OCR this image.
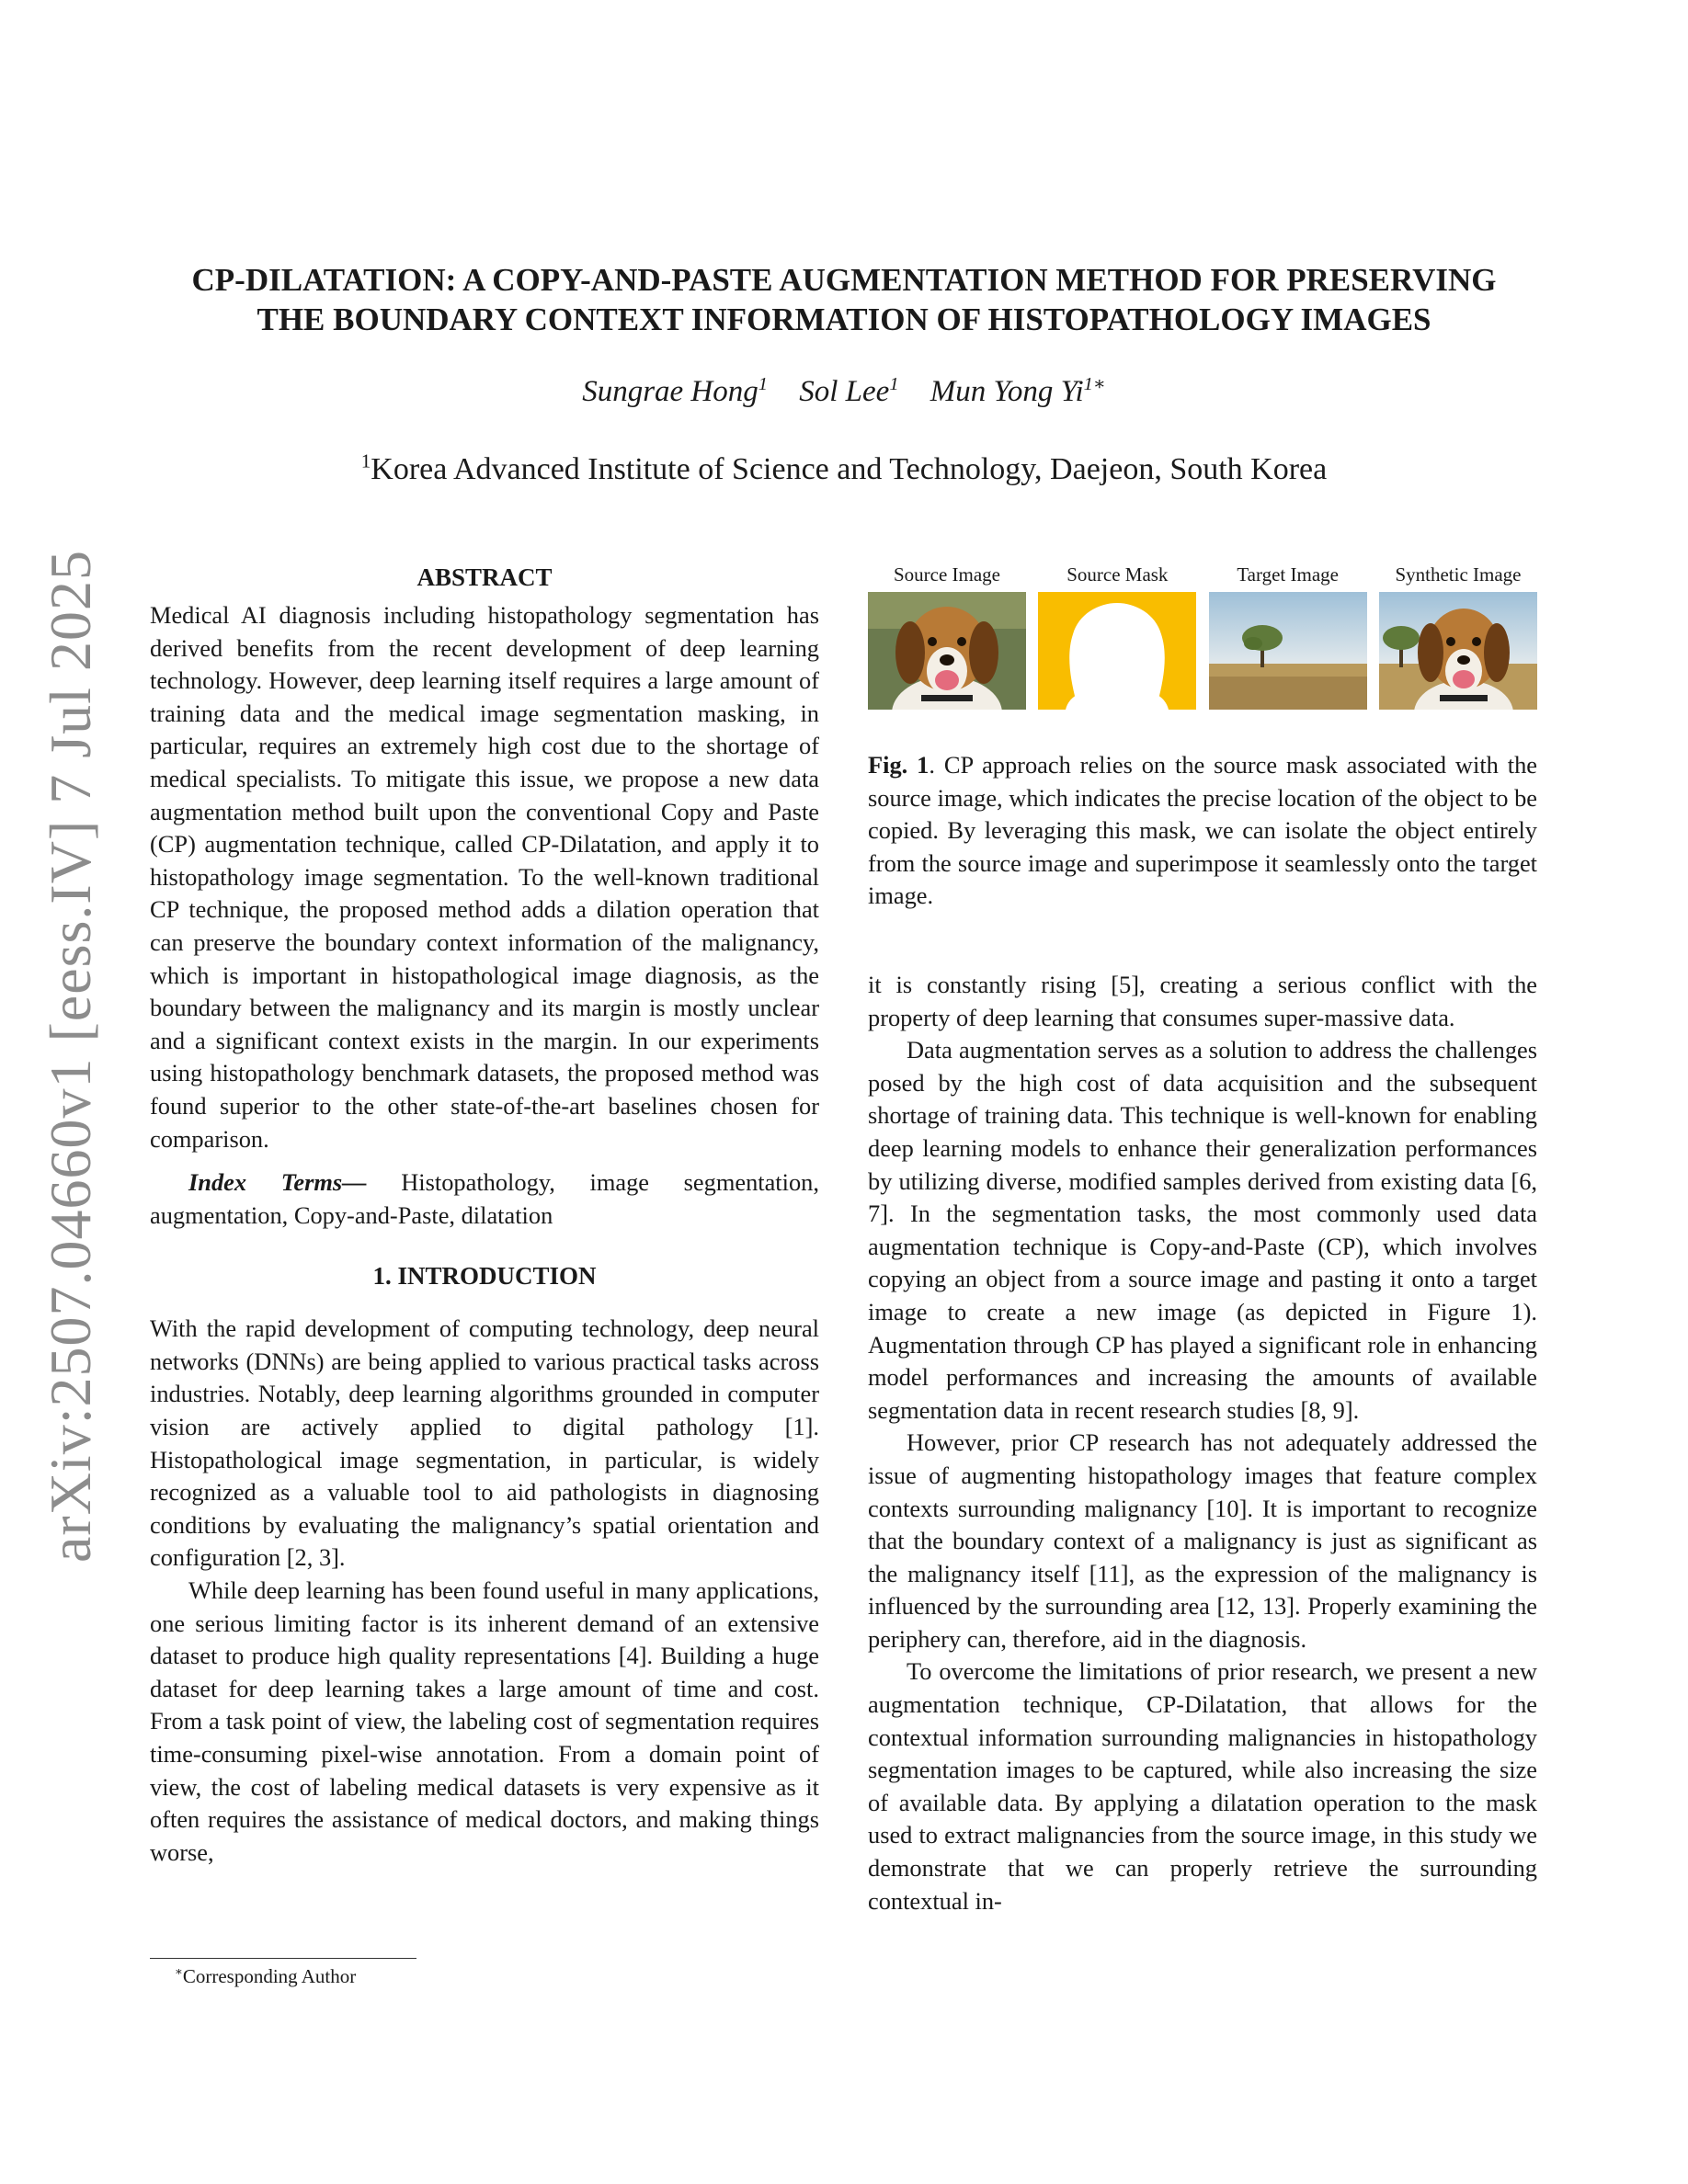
arXiv:2507.04660v1 [eess.IV] 7 Jul 2025
CP-DILATATION: A COPY-AND-PASTE AUGMENTATION METHOD FOR PRESERVING
THE BOUNDARY CONTEXT INFORMATION OF HISTOPATHOLOGY IMAGES
Sungrae Hong$^1$ Sol Lee$^1$ Mun Yong $Yi^{1∗}$
$^1$Korea Advanced Institute of Science and Technology, Daejeon, South Korea
ABSTRACT

Medical AI diagnosis including histopathology segmentation has derived benefits from the recent development of deep learning technology. However, deep learning itself requires a large amount of training data and the medical image segmentation masking, in particular, requires an extremely high cost due to the shortage of medical specialists. To mitigate this issue, we propose a new data augmentation method built upon the conventional Copy and Paste (CP) augmentation technique, called CP-Dilatation, and apply it to histopathology image segmentation. To the well-known traditional CP technique, the proposed method adds a dilation operation that can preserve the boundary context information of the malignancy, which is important in histopathological image diagnosis, as the boundary between the malignancy and its margin is mostly unclear and a significant context exists in the margin. In our experiments using histopathology benchmark datasets, the proposed method was found superior to the other state-of-the-art baselines chosen for comparison.

Index Terms— Histopathology, image segmentation, augmentation, Copy-and-Paste, dilatation

1. INTRODUCTION

With the rapid development of computing technology, deep neural networks (DNNs) are being applied to various practical tasks across industries. Notably, deep learning algorithms grounded in computer vision are actively applied to digital pathology [1]. Histopathological image segmentation, in particular, is widely recognized as a valuable tool to aid pathologists in diagnosing conditions by evaluating the malignancy’s spatial orientation and configuration [2, 3].

While deep learning has been found useful in many applications, one serious limiting factor is its inherent demand of an extensive dataset to produce high quality representations [4]. Building a huge dataset for deep learning takes a large amount of time and cost. From a task point of view, the labeling cost of segmentation requires time-consuming pixel-wise annotation. From a domain point of view, the cost of labeling medical datasets is very expensive as it often requires the assistance of medical doctors, and making things worse,

Source Image	Source Mask	Target Image	Synthetic Image
Fig. 1. CP approach relies on the source mask associated with the source image, which indicates the precise location of the object to be copied. By leveraging this mask, we can isolate the object entirely from the source image and superimpose it seamlessly onto the target image.

it is constantly rising [5], creating a serious conflict with the property of deep learning that consumes super-massive data.

Data augmentation serves as a solution to address the challenges posed by the high cost of data acquisition and the subsequent shortage of training data. This technique is well-known for enabling deep learning models to enhance their generalization performances by utilizing diverse, modified samples derived from existing data [6, 7]. In the segmentation tasks, the most commonly used data augmentation technique is Copy-and-Paste (CP), which involves copying an object from a source image and pasting it onto a target image to create a new image (as depicted in Figure 1). Augmentation through CP has played a significant role in enhancing model performances and increasing the amounts of available segmentation data in recent research studies [8, 9].

However, prior CP research has not adequately addressed the issue of augmenting histopathology images that feature complex contexts surrounding malignancy [10]. It is important to recognize that the boundary context of a malignancy is just as significant as the malignancy itself [11], as the expression of the malignancy is influenced by the surrounding area [12, 13]. Properly examining the periphery can, therefore, aid in the diagnosis.

To overcome the limitations of prior research, we present a new augmentation technique, CP-Dilatation, that allows for the contextual information surrounding malignancies in histopathology segmentation images to be captured, while also increasing the size of available data. By applying a dilatation operation to the mask used to extract malignancies from the source image, in this study we demonstrate that we can properly retrieve the surrounding contextual in-

∗Corresponding Author
